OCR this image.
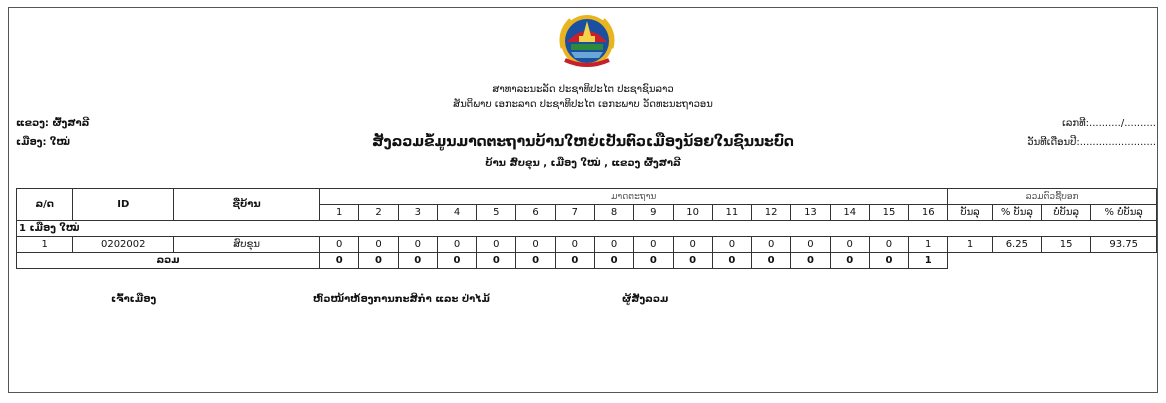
ສາທາລະນະລັດ ປະຊາທິປະໄຕ ປະຊາຊົນລາວ
ສັນຕິພາບ ເອກະລາດ ປະຊາທິປະໄຕ ເອກະພາບ ວັດທະນະຖາວອນ
ແຂວງ: ຜົ້ງສາລີ
ເມືອງ: ໃໝ່
ເລກທີ:........../..........
ວັນທີເດືອນປີ:........................
ສັງລວມຂໍ້ມູນມາດຕະຖານບ້ານໃຫຍ່ເປັນຕົວເມືອງນ້ອຍໃນຊົນນະບົດ
ບ້ານ ສົບຂຸນ , ເມືອງ ໃໝ່ , ແຂວງ ຜົ້ງສາລີ
ລ/ດ	ID	ຊື່ບ້ານ	ມາດຕະຖານ																ລວມຕົວຊີ້ບອກ			
			1	2	3	4	5	6	7	8	9	10	11	12	13	14	15	16	ບັນລຸ	% ບັນລຸ	ບໍ່ບັນລຸ	% ບໍ່ບັນລຸ
1 ເມືອງ ໃໝ່																						
1	0202002	ສົບຂຸນ	0	0	0	0	0	0	0	0	0	0	0	0	0	0	0	1	1	6.25	15	93.75
ລວມ			0	0	0	0	0	0	0	0	0	0	0	0	0	0	0	1				
ເຈົ້າເມືອງ	ຫົວໜ້າຫ້ອງການກະສິກຳ ແລະ ປ່າໄມ້	ຜູ້ສັງລວມ
